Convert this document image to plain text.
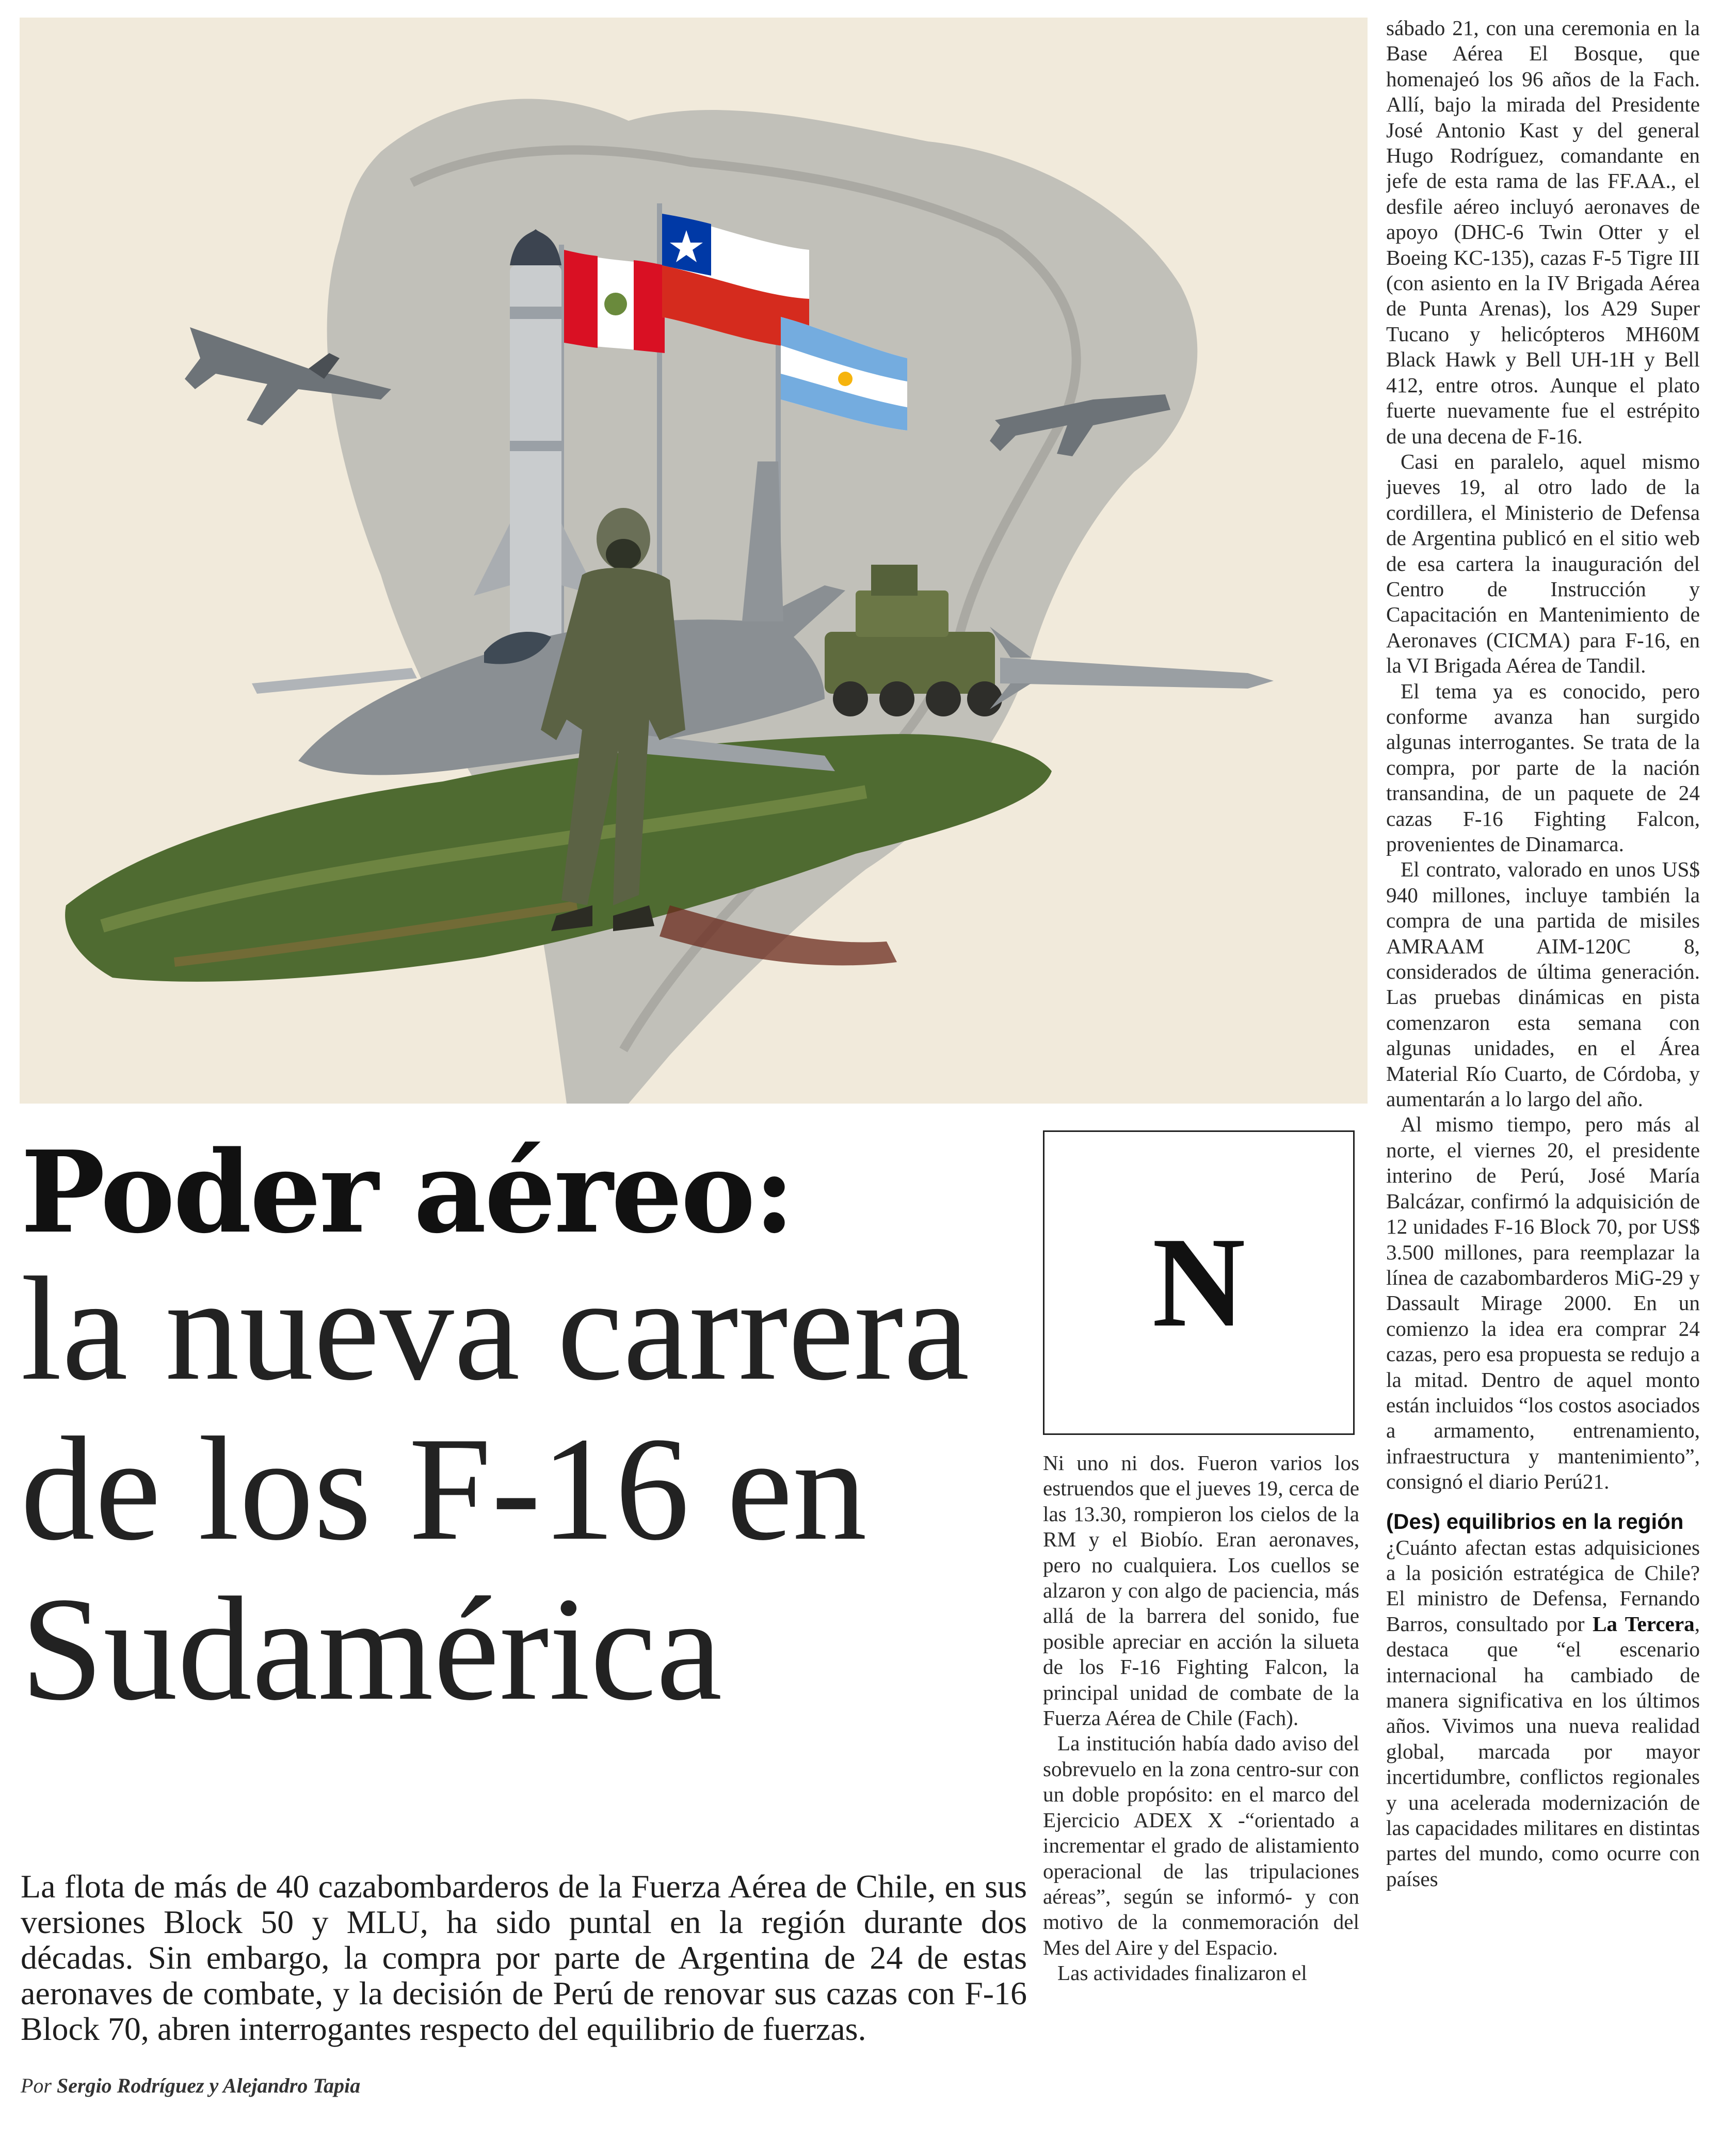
Poder aéreo:
la nueva carrera de los F-16 en Sudamérica
La flota de más de 40 cazabombarderos de la Fuerza Aérea de Chile, en sus versiones Block 50 y MLU, ha sido puntal en la región durante dos décadas. Sin embargo, la compra por parte de Argentina de 24 de estas aeronaves de combate, y la decisión de Perú de renovar sus cazas con F-16 Block 70, abren interrogantes respecto del equilibrio de fuerzas.
Por Sergio Rodríguez y Alejandro Tapia
N

Ni uno ni dos. Fueron varios los estruendos que el jueves 19, cerca de las 13.30, rompieron los cielos de la RM y el Biobío. Eran aeronaves, pero no cualquiera. Los cuellos se alzaron y con algo de paciencia, más allá de la barrera del sonido, fue posible apreciar en acción la silueta de los F-16 Fighting Falcon, la principal unidad de combate de la Fuerza Aérea de Chile (Fach).

La institución había dado aviso del sobrevuelo en la zona centro-sur con un doble propósito: en el marco del Ejercicio ADEX X -“orientado a incrementar el grado de alistamiento operacional de las tripulaciones aéreas”, según se informó- y con motivo de la conmemoración del Mes del Aire y del Espacio.

Las actividades finalizaron el

sábado 21, con una ceremonia en la Base Aérea El Bosque, que homenajeó los 96 años de la Fach. Allí, bajo la mirada del Presidente José Antonio Kast y del general Hugo Rodríguez, comandante en jefe de esta rama de las FF.AA., el desfile aéreo incluyó aeronaves de apoyo (DHC-6 Twin Otter y el Boeing KC-135), cazas F-5 Tigre III (con asiento en la IV Brigada Aérea de Punta Arenas), los A29 Super Tucano y helicópteros MH60M Black Hawk y Bell UH-1H y Bell 412, entre otros. Aunque el plato fuerte nuevamente fue el estrépito de una decena de F-16.

Casi en paralelo, aquel mismo jueves 19, al otro lado de la cordillera, el Ministerio de Defensa de Argentina publicó en el sitio web de esa cartera la inauguración del Centro de Instrucción y Capacitación en Mantenimiento de Aeronaves (CICMA) para F-16, en la VI Brigada Aérea de Tandil.

El tema ya es conocido, pero conforme avanza han surgido algunas interrogantes. Se trata de la compra, por parte de la nación transandina, de un paquete de 24 cazas F-16 Fighting Falcon, provenientes de Dinamarca.

El contrato, valorado en unos US$ 940 millones, incluye también la compra de una partida de misiles AMRAAM AIM-120C 8, considerados de última generación. Las pruebas dinámicas en pista comenzaron esta semana con algunas unidades, en el Área Material Río Cuarto, de Córdoba, y aumentarán a lo largo del año.

Al mismo tiempo, pero más al norte, el viernes 20, el presidente interino de Perú, José María Balcázar, confirmó la adquisición de 12 unidades F-16 Block 70, por US$ 3.500 millones, para reemplazar la línea de cazabombarderos MiG-29 y Dassault Mirage 2000. En un comienzo la idea era comprar 24 cazas, pero esa propuesta se redujo a la mitad. Dentro de aquel monto están incluidos “los costos asociados a armamento, entrenamiento, infraestructura y mantenimiento”, consignó el diario Perú21.

(Des) equilibrios en la región

¿Cuánto afectan estas adquisiciones a la posición estratégica de Chile? El ministro de Defensa, Fernando Barros, consultado por La Tercera, destaca que “el escenario internacional ha cambiado de manera significativa en los últimos años. Vivimos una nueva realidad global, marcada por mayor incertidumbre, conflictos regionales y una acelerada modernización de las capacidades militares en distintas partes del mundo, como ocurre con países
